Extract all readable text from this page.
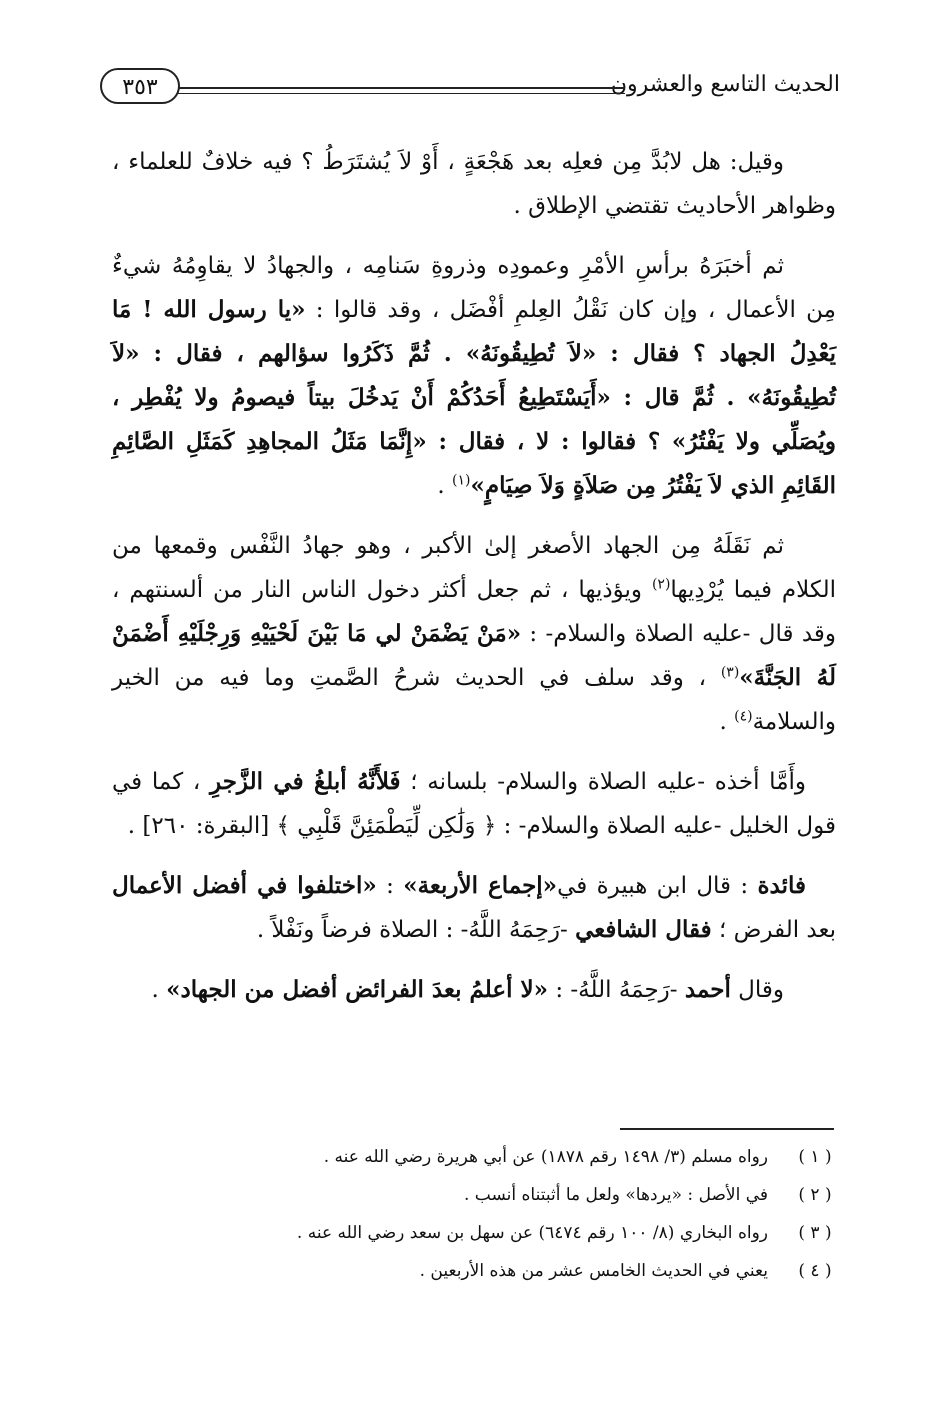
الحديث التاسع والعشرون
٣٥٣

وقيل: هل لابُدَّ مِن فعلِه بعد هَجْعَةٍ ، أَوْ لاَ يُشتَرَطُ ؟ فيه خلافٌ للعلماء ، وظواهر الأحاديث تقتضي الإطلاق .

ثم أخبَرَهُ برأسِ الأمْرِ وعمودِه وذروةِ سَنامِه ، والجهادُ لا يقاوِمُهُ شيءٌ مِن الأعمال ، وإن كان نَقْلُ العِلمِ أفْضَل ، وقد قالوا : «يا رسول الله ! مَا يَعْدِلُ الجهاد ؟ فقال : «لاَ تُطِيقُونَهُ» . ثُمَّ ذَكَرُوا سؤالهم ، فقال : «لاَ تُطِيقُونَهُ» . ثُمَّ قال : «أَيَسْتَطِيعُ أَحَدُكُمْ أَنْ يَدخُلَ بيتاً فيصومُ ولا يُفْطِر ، ويُصَلِّي ولا يَفْتُرُ» ؟ فقالوا : لا ، فقال : «إِنَّمَا مَثَلُ المجاهِدِ كَمَثَلِ الصَّائِمِ القَائِمِ الذي لاَ يَفْتُرُ مِن صَلاَةٍ وَلاَ صِيَامٍ»$^{(١)}$ .

ثم نَقَلَهُ مِن الجهاد الأصغر إلىٰ الأكبر ، وهو جهادُ النَّفْس وقمعها من الكلام فيما يُرْدِيها$^{(٢)}$ ويؤذيها ، ثم جعل أكثر دخول الناس النار من ألسنتهم ، وقد قال -عليه الصلاة والسلام- : «مَنْ يَضْمَنْ لي مَا بَيْنَ لَحْيَيْهِ وَرِجْلَيْهِ أَضْمَنْ لَهُ الجَنَّةَ»$^{(٣)}$ ، وقد سلف في الحديث شرحُ الصَّمتِ وما فيه من الخير والسلامة$^{(٤)}$ .

وأَمَّا أخذه -عليه الصلاة والسلام- بلسانه ؛ فَلأَنَّهُ أبلغُ في الزَّجرِ ، كما في قول الخليل -عليه الصلاة والسلام- : ﴿ وَلَٰكِن لِّيَطْمَئِنَّ قَلْبِي ﴾ [البقرة: ٢٦٠] .

فائدة : قال ابن هبيرة في«إجماع الأربعة» : «اختلفوا في أفضل الأعمال بعد الفرض ؛ فقال الشافعي -رَحِمَهُ اللَّهُ- : الصلاة فرضاً ونَفْلاً .

وقال أحمد -رَحِمَهُ اللَّهُ- : «لا أعلمُ بعدَ الفرائض أفضل من الجهاد» .

( ١ )
رواه مسلم (٣/ ١٤٩٨ رقم ١٨٧٨) عن أبي هريرة رضي الله عنه .
( ٢ )
في الأصل : «يردها» ولعل ما أثبتناه أنسب .
( ٣ )
رواه البخاري (٨/ ١٠٠ رقم ٦٤٧٤) عن سهل بن سعد رضي الله عنه .
( ٤ )
يعني في الحديث الخامس عشر من هذه الأربعين .
